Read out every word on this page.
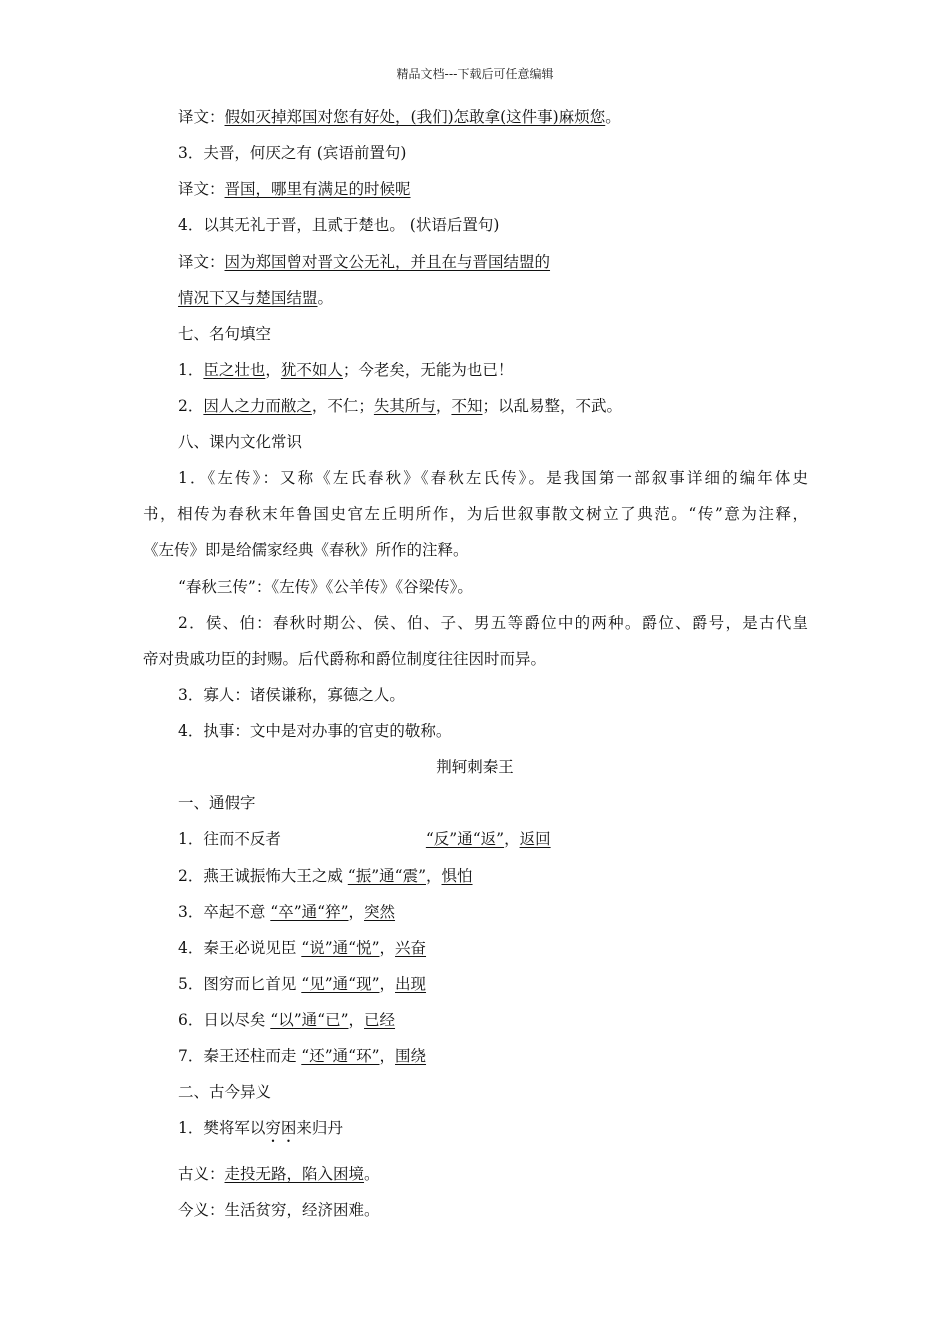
精品文档---下载后可任意编辑
译文：假如灭掉郑国对您有好处，(我们)怎敢拿(这件事)麻烦您。
3．夫晋，何厌之有 (宾语前置句)
译文：晋国，哪里有满足的时候呢
4．以其无礼于晋，且贰于楚也。 (状语后置句)
译文：因为郑国曾对晋文公无礼，并且在与晋国结盟的
情况下又与楚国结盟。
七、名句填空
1．臣之壮也，犹不如人；今老矣，无能为也已！
2．因人之力而敝之，不仁；失其所与，不知；以乱易整，不武。
八、课内文化常识
1．《左传》：又称《左氏春秋》《春秋左氏传》。是我国第一部叙事详细的编年体史
书，相传为春秋末年鲁国史官左丘明所作，为后世叙事散文树立了典范。“传”意为注释，
《左传》即是给儒家经典《春秋》所作的注释。
“春秋三传”：《左传》《公羊传》《谷梁传》。
2．侯、伯：春秋时期公、侯、伯、子、男五等爵位中的两种。爵位、爵号，是古代皇
帝对贵戚功臣的封赐。后代爵称和爵位制度往往因时而异。
3．寡人：诸侯谦称，寡德之人。
4．执事：文中是对办事的官吏的敬称。
荆轲刺秦王
一、通假字
1．往而不反者	“反”通“返”，返回
2．燕王诚振怖大王之威 “振”通“震”，惧怕
3．卒起不意 “卒”通“猝”，突然
4．秦王必说见臣 “说”通“悦”，兴奋
5．图穷而匕首见 “见”通“现”，出现
6．日以尽矣 “以”通“已”，已经
7．秦王还柱而走 “还”通“环”，围绕
二、古今异义
1．樊将军以穷困来归丹
古义：走投无路，陷入困境。
今义：生活贫穷，经济困难。
